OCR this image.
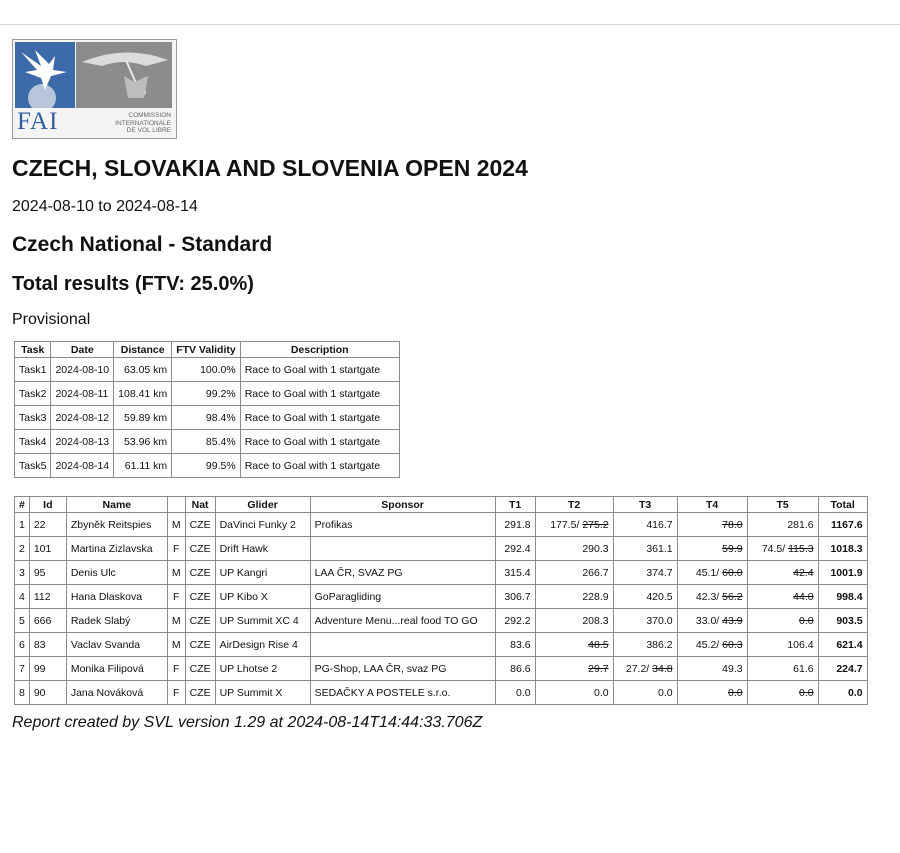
FAI	COMMISSION
INTERNATIONALE
DE VOL LIBRE
CZECH, SLOVAKIA AND SLOVENIA OPEN 2024
2024-08-10 to 2024-08-14
Czech National - Standard
Total results (FTV: 25.0%)
Provisional
Task	Date	Distance	FTV Validity	Description
Task1	2024-08-10	63.05 km	100.0%	Race to Goal with 1 startgate
Task2	2024-08-11	108.41 km	99.2%	Race to Goal with 1 startgate
Task3	2024-08-12	59.89 km	98.4%	Race to Goal with 1 startgate
Task4	2024-08-13	53.96 km	85.4%	Race to Goal with 1 startgate
Task5	2024-08-14	61.11 km	99.5%	Race to Goal with 1 startgate
#	Id	Name		Nat	Glider	Sponsor	T1	T2	T3	T4	T5	Total
1	22	Zbyněk Reitspies	M	CZE	DaVinci Funky 2	Profikas	291.8	177.5/ 275.2	416.7	78.0	281.6	1167.6
2	101	Martina Zizlavska	F	CZE	Drift Hawk		292.4	290.3	361.1	59.9	74.5/ 115.3	1018.3
3	95	Denis Ulc	M	CZE	UP Kangri	LAA ČR, SVAZ PG	315.4	266.7	374.7	45.1/ 60.0	42.4	1001.9
4	112	Hana Dlaskova	F	CZE	UP Kibo X	GoParagliding	306.7	228.9	420.5	42.3/ 56.2	44.0	998.4
5	666	Radek Slabý	M	CZE	UP Summit XC 4	Adventure Menu...real food TO GO	292.2	208.3	370.0	33.0/ 43.9	0.0	903.5
6	83	Vaclav Svanda	M	CZE	AirDesign Rise 4		83.6	48.5	386.2	45.2/ 60.3	106.4	621.4
7	99	Monika Filipová	F	CZE	UP Lhotse 2	PG-Shop, LAA ČR, svaz PG	86.6	29.7	27.2/ 34.8	49.3	61.6	224.7
8	90	Jana Nováková	F	CZE	UP Summit X	SEDAČKY A POSTELE s.r.o.	0.0	0.0	0.0	0.0	0.0	0.0
Report created by SVL version 1.29 at 2024-08-14T14:44:33.706Z
